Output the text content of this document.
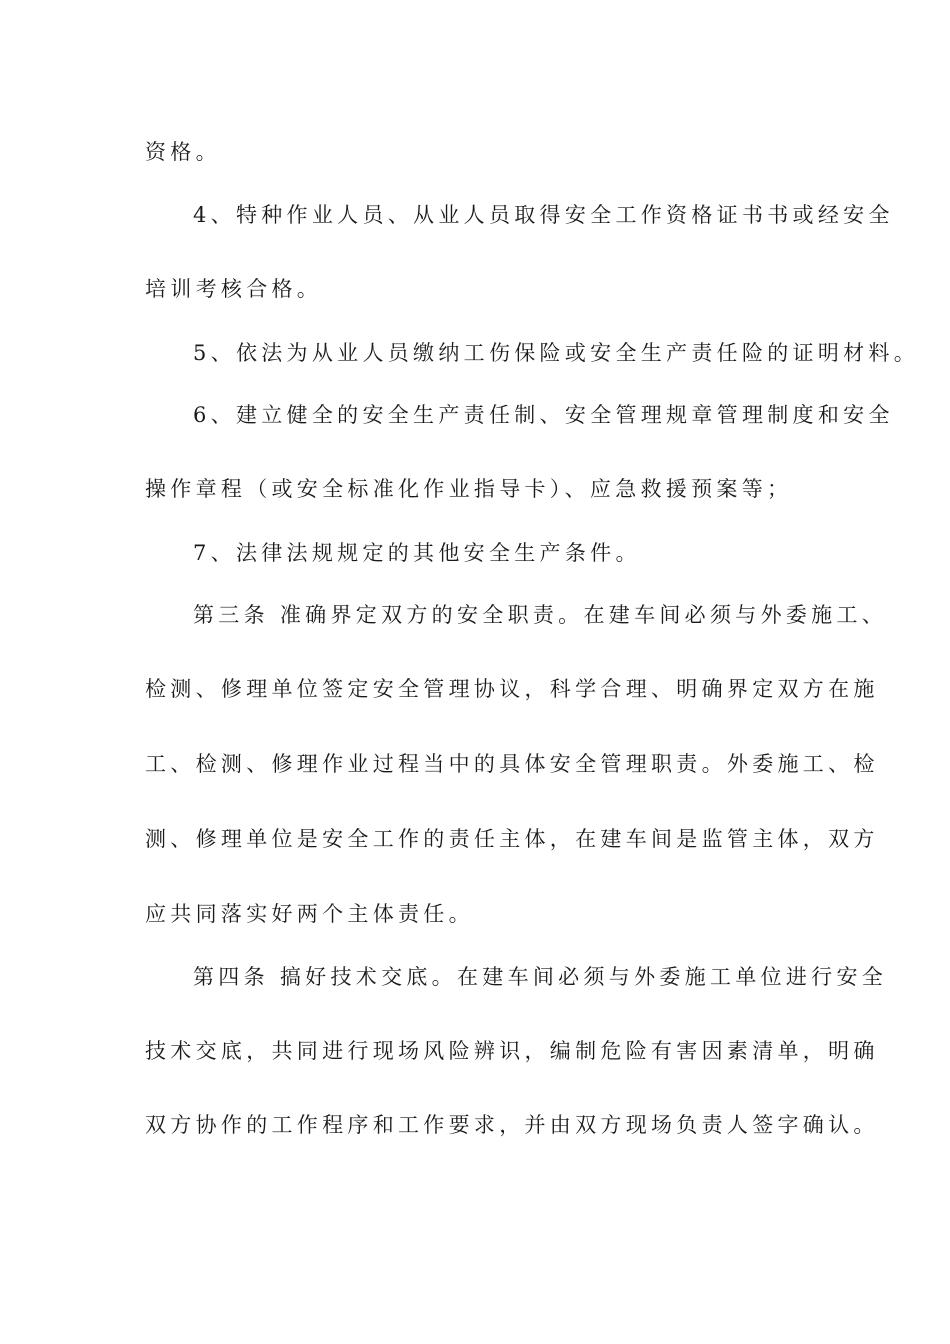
资格。
4、特种作业人员、从业人员取得安全工作资格证书书或经安全
培训考核合格。
5、依法为从业人员缴纳工伤保险或安全生产责任险的证明材料。
6、建立健全的安全生产责任制、安全管理规章管理制度和安全
操作章程（或安全标准化作业指导卡）、应急救援预案等；
7、法律法规规定的其他安全生产条件。
第三条 准确界定双方的安全职责。在建车间必须与外委施工、
检测、修理单位签定安全管理协议，科学合理、明确界定双方在施
工、检测、修理作业过程当中的具体安全管理职责。外委施工、检
测、修理单位是安全工作的责任主体，在建车间是监管主体，双方
应共同落实好两个主体责任。
第四条 搞好技术交底。在建车间必须与外委施工单位进行安全
技术交底，共同进行现场风险辨识，编制危险有害因素清单，明确
双方协作的工作程序和工作要求，并由双方现场负责人签字确认。
